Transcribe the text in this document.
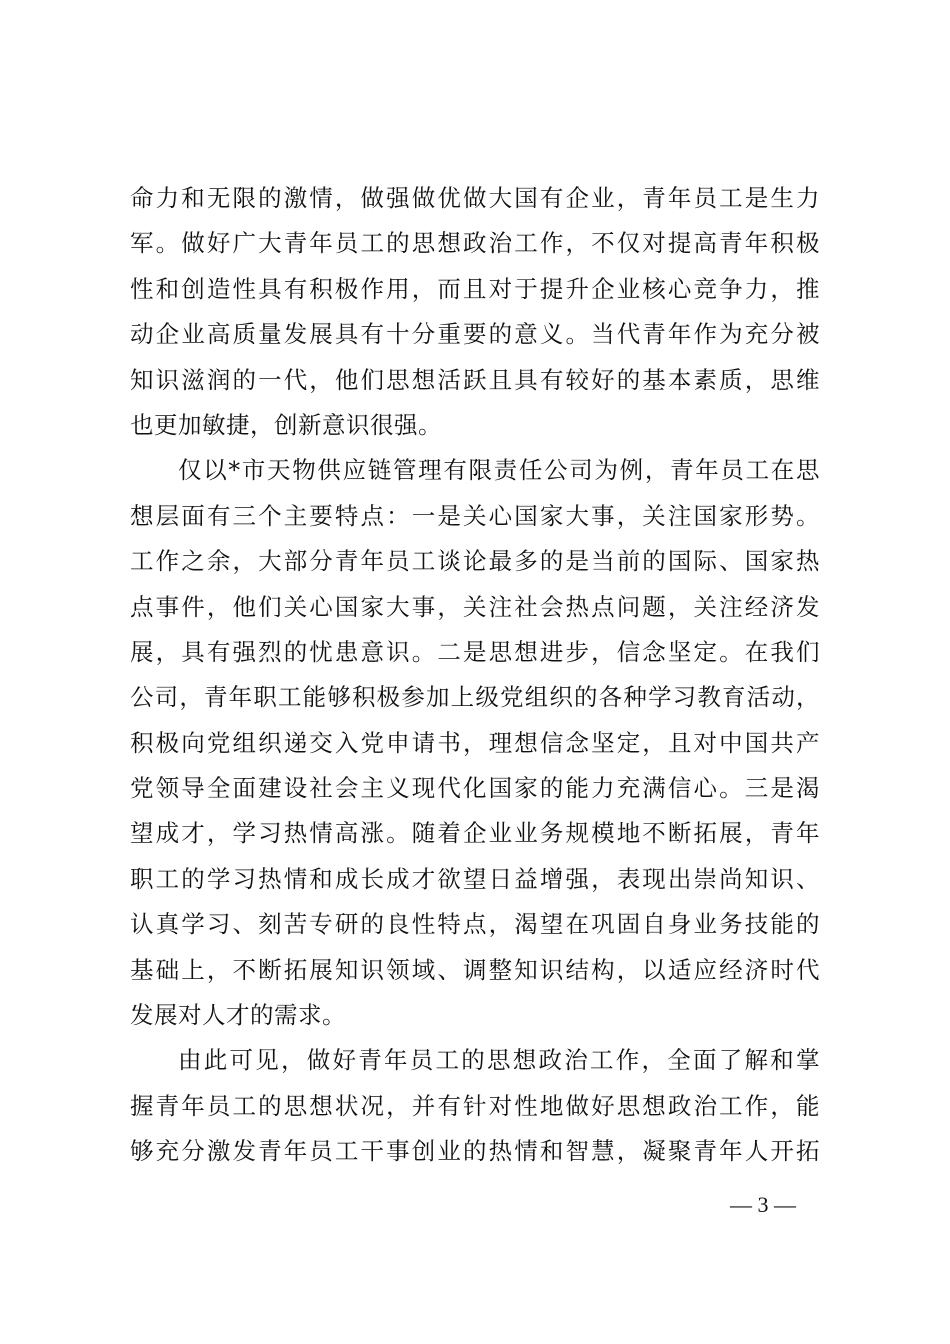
命力和无限的激情，做强做优做大国有企业，青年员工是生力
军。做好广大青年员工的思想政治工作，不仅对提高青年积极
性和创造性具有积极作用，而且对于提升企业核心竞争力，推
动企业高质量发展具有十分重要的意义。当代青年作为充分被
知识滋润的一代，他们思想活跃且具有较好的基本素质，思维
也更加敏捷，创新意识很强。
仅以*市天物供应链管理有限责任公司为例，青年员工在思
想层面有三个主要特点：一是关心国家大事，关注国家形势。
工作之余，大部分青年员工谈论最多的是当前的国际、国家热
点事件，他们关心国家大事，关注社会热点问题，关注经济发
展，具有强烈的忧患意识。二是思想进步，信念坚定。在我们
公司，青年职工能够积极参加上级党组织的各种学习教育活动，
积极向党组织递交入党申请书，理想信念坚定，且对中国共产
党领导全面建设社会主义现代化国家的能力充满信心。三是渴
望成才，学习热情高涨。随着企业业务规模地不断拓展，青年
职工的学习热情和成长成才欲望日益增强，表现出崇尚知识、
认真学习、刻苦专研的良性特点，渴望在巩固自身业务技能的
基础上，不断拓展知识领域、调整知识结构，以适应经济时代
发展对人才的需求。
由此可见，做好青年员工的思想政治工作，全面了解和掌
握青年员工的思想状况，并有针对性地做好思想政治工作，能
够充分激发青年员工干事创业的热情和智慧，凝聚青年人开拓
— 3 —
